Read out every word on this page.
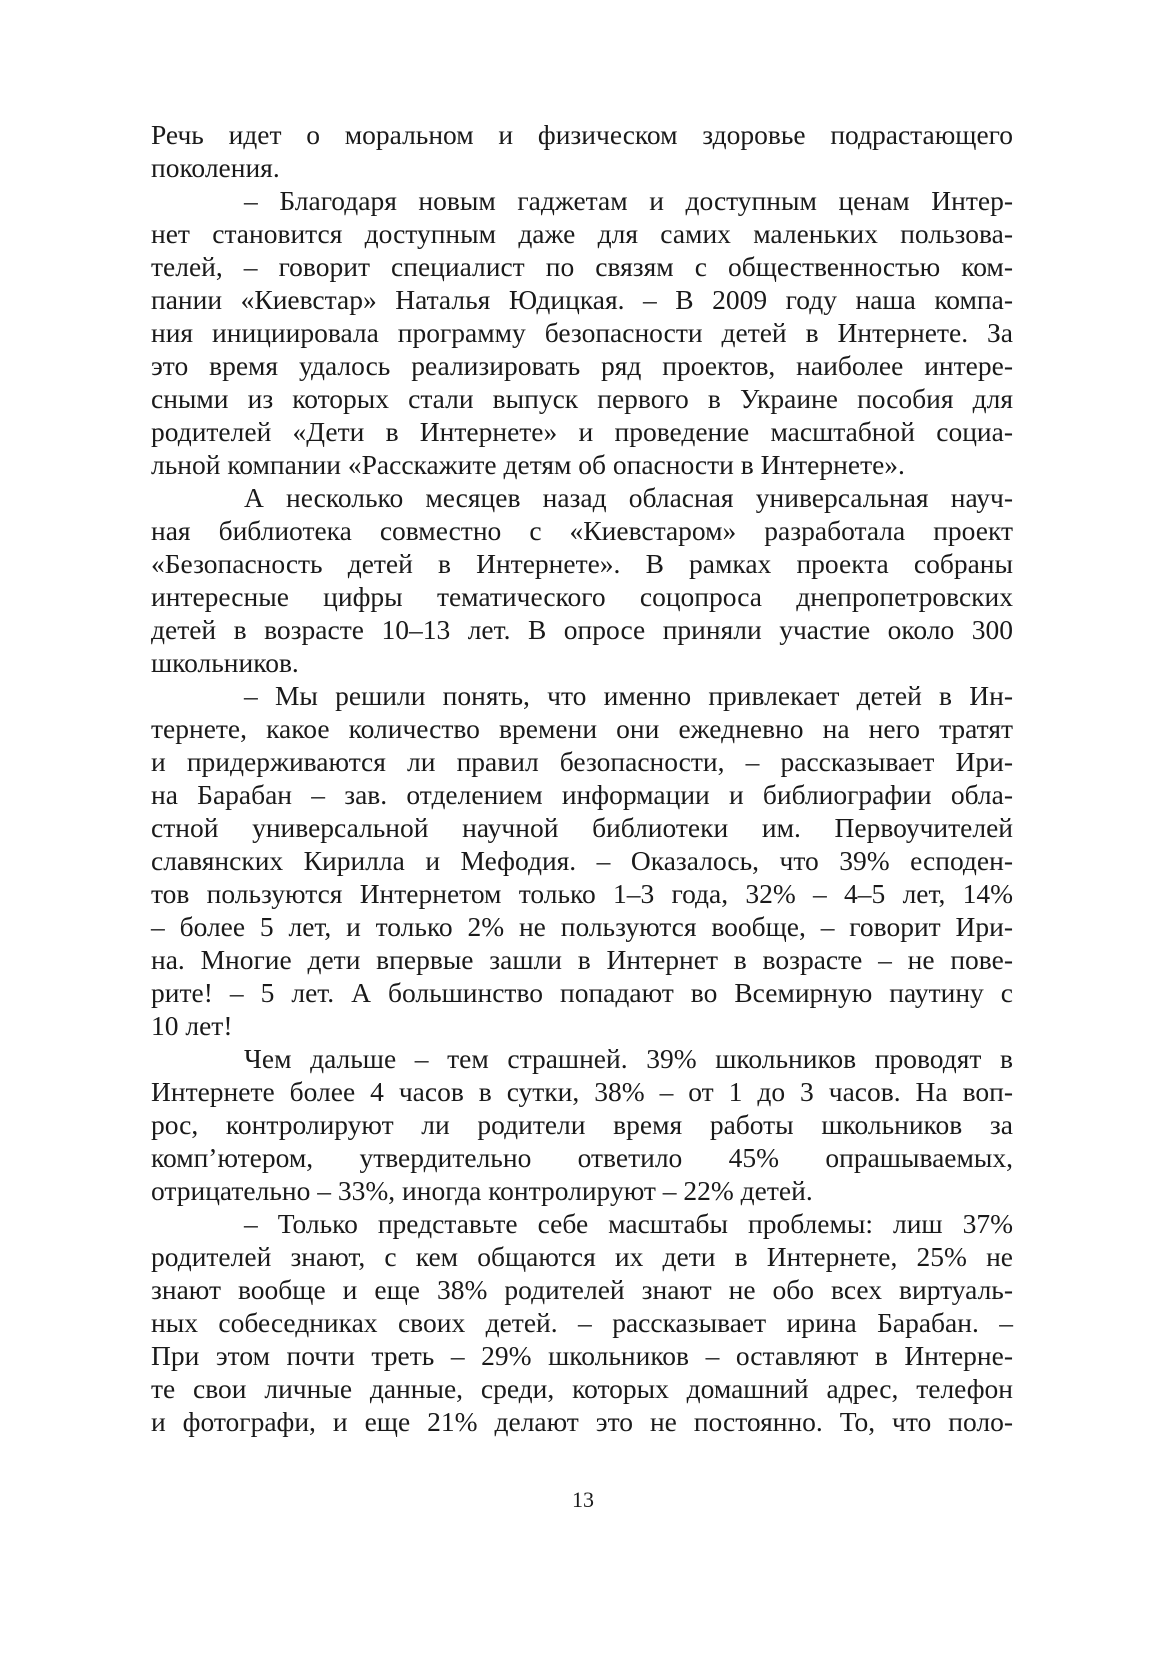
Речь идет о моральном и физическом здоровье подрастающего
поколения.
– Благодаря новым гаджетам и доступным ценам Интер-
нет становится доступным даже для самих маленьких пользова-
телей, – говорит специалист по связям с общественностью ком-
пании «Киевстар» Наталья Юдицкая. – В 2009 году наша компа-
ния инициировала программу безопасности детей в Интернете. За
это время удалось реализировать ряд проектов, наиболее интере-
сными из которых стали выпуск первого в Украине пособия для
родителей «Дети в Интернете» и проведение масштабной социа-
льной компании «Расскажите детям об опасности в Интернете».
А несколько месяцев назад обласная универсальная науч-
ная библиотека совместно с «Киевстаром» разработала проект
«Безопасность детей в Интернете». В рамках проекта собраны
интересные цифры тематического соцопроса днепропетровских
детей в возрасте 10–13 лет. В опросе приняли участие около 300
школьников.
– Мы решили понять, что именно привлекает детей в Ин-
тернете, какое количество времени они ежедневно на него тратят
и придерживаются ли правил безопасности, – рассказывает Ири-
на Барабан – зав. отделением информации и библиографии обла-
стной универсальной научной библиотеки им. Первоучителей
славянских Кирилла и Мефодия. – Оказалось, что 39% есподен-
тов пользуются Интернетом только 1–3 года, 32% – 4–5 лет, 14%
– более 5 лет, и только 2% не пользуются вообще, – говорит Ири-
на. Многие дети впервые зашли в Интернет в возрасте – не пове-
рите! – 5 лет. А большинство попадают во Всемирную паутину с
10 лет!
Чем дальше – тем страшней. 39% школьников проводят в
Интернете более 4 часов в сутки, 38% – от 1 до 3 часов. На воп-
рос, контролируют ли родители время работы школьников за
комп’ютером, утвердительно ответило 45% опрашываемых,
отрицательно – 33%, иногда контролируют – 22% детей.
– Только представьте себе масштабы проблемы: лиш 37%
родителей знают, с кем общаются их дети в Интернете, 25% не
знают вообще и еще 38% родителей знают не обо всех виртуаль-
ных собеседниках своих детей. – рассказывает ирина Барабан. –
При этом почти треть – 29% школьников – оставляют в Интерне-
те свои личные данные, среди, которых домашний адрес, телефон
и фотографи, и еще 21% делают это не постоянно. То, что поло-
13
